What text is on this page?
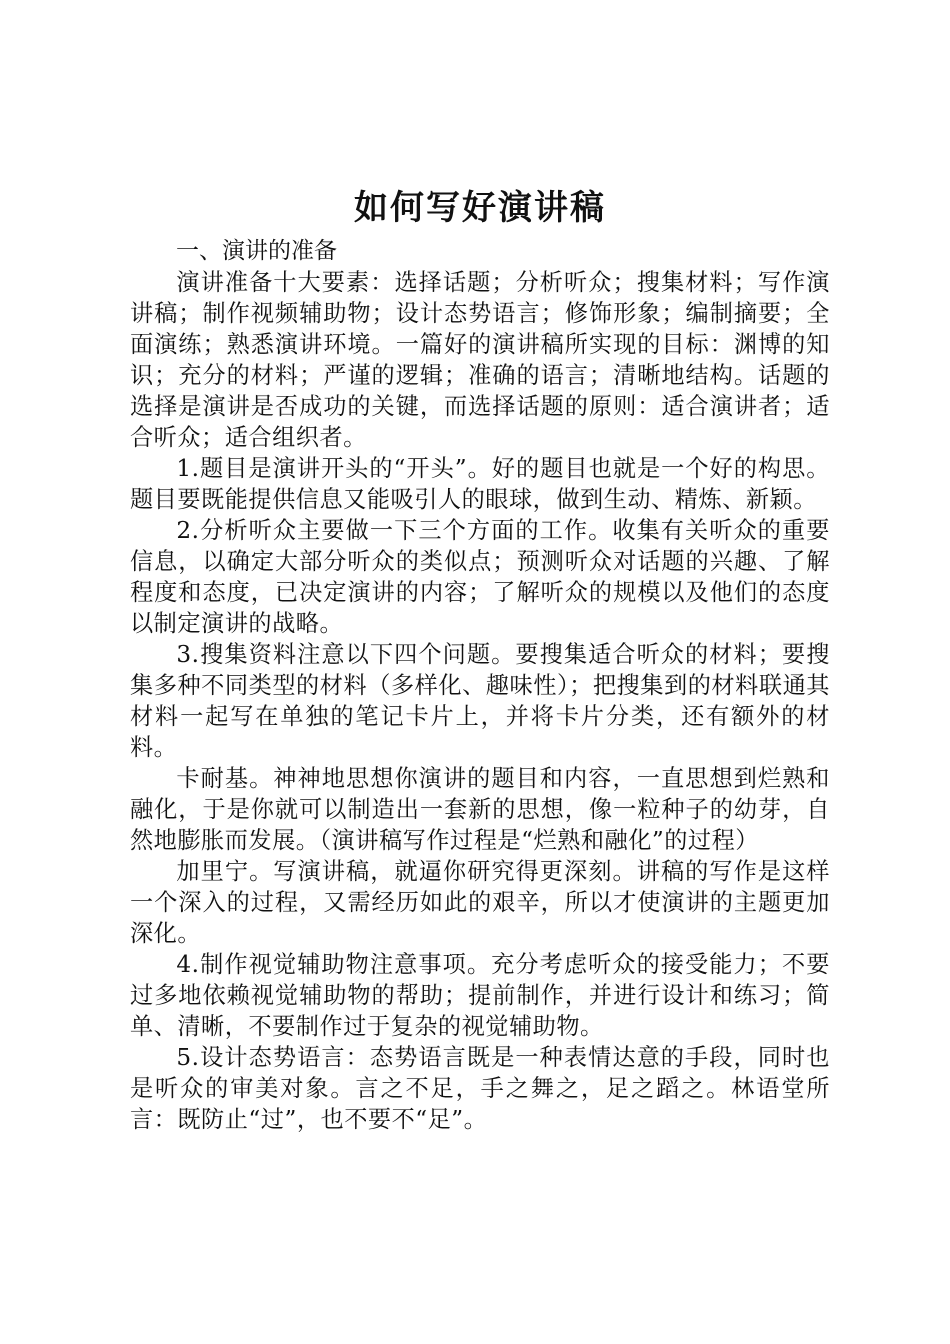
如何写好演讲稿

一、演讲的准备

演讲准备十大要素：选择话题；分析听众；搜集材料；写作演讲稿；制作视频辅助物；设计态势语言；修饰形象；编制摘要；全面演练；熟悉演讲环境。一篇好的演讲稿所实现的目标：渊博的知识；充分的材料；严谨的逻辑；准确的语言；清晰地结构。话题的选择是演讲是否成功的关键，而选择话题的原则：适合演讲者；适合听众；适合组织者。

1.题目是演讲开头的“开头”。好的题目也就是一个好的构思。题目要既能提供信息又能吸引人的眼球，做到生动、精炼、新颖。

2.分析听众主要做一下三个方面的工作。收集有关听众的重要信息，以确定大部分听众的类似点；预测听众对话题的兴趣、了解程度和态度，已决定演讲的内容；了解听众的规模以及他们的态度以制定演讲的战略。

3.搜集资料注意以下四个问题。要搜集适合听众的材料；要搜集多种不同类型的材料（多样化、趣味性）；把搜集到的材料联通其材料一起写在单独的笔记卡片上，并将卡片分类，还有额外的材料。

卡耐基。神神地思想你演讲的题目和内容，一直思想到烂熟和融化，于是你就可以制造出一套新的思想，像一粒种子的幼芽，自然地膨胀而发展。（演讲稿写作过程是“烂熟和融化”的过程）

加里宁。写演讲稿，就逼你研究得更深刻。讲稿的写作是这样一个深入的过程，又需经历如此的艰辛，所以才使演讲的主题更加深化。

4.制作视觉辅助物注意事项。充分考虑听众的接受能力；不要过多地依赖视觉辅助物的帮助；提前制作，并进行设计和练习；简单、清晰，不要制作过于复杂的视觉辅助物。

5.设计态势语言：态势语言既是一种表情达意的手段，同时也是听众的审美对象。言之不足，手之舞之，足之蹈之。林语堂所言：既防止“过”，也不要不“足”。
